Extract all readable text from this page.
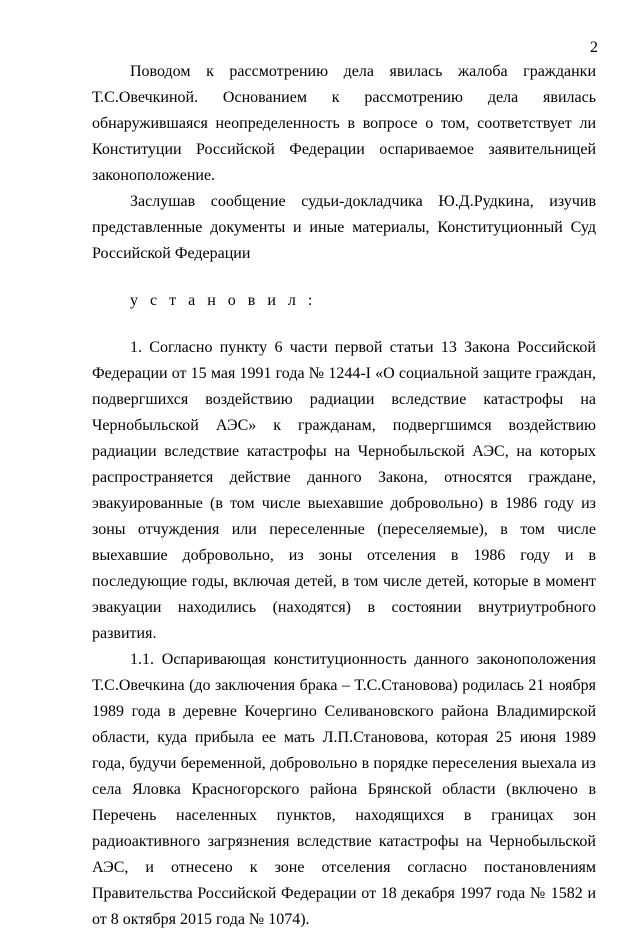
2

Поводом к рассмотрению дела явилась жалоба гражданки Т.С.Овечкиной. Основанием к рассмотрению дела явилась обнаружившаяся неопределенность в вопросе о том, соответствует ли Конституции Российской Федерации оспариваемое заявительницей законоположение.

Заслушав сообщение судьи-докладчика Ю.Д.Рудкина, изучив представленные документы и иные материалы, Конституционный Суд Российской Федерации

у с т а н о в и л :

1. Согласно пункту 6 части первой статьи 13 Закона Российской Федерации от 15 мая 1991 года № 1244-I «О социальной защите граждан, подвергшихся воздействию радиации вследствие катастрофы на Чернобыльской АЭС» к гражданам, подвергшимся воздействию радиации вследствие катастрофы на Чернобыльской АЭС, на которых распространяется действие данного Закона, относятся граждане, эвакуированные (в том числе выехавшие добровольно) в 1986 году из зоны отчуждения или переселенные (переселяемые), в том числе выехавшие добровольно, из зоны отселения в 1986 году и в последующие годы, включая детей, в том числе детей, которые в момент эвакуации находились (находятся) в состоянии внутриутробного развития.

1.1. Оспаривающая конституционность данного законоположения Т.С.Овечкина (до заключения брака – Т.С.Становова) родилась 21 ноября 1989 года в деревне Кочергино Селивановского района Владимирской области, куда прибыла ее мать Л.П.Становова, которая 25 июня 1989 года, будучи беременной, добровольно в порядке переселения выехала из села Яловка Красногорского района Брянской области (включено в Перечень населенных пунктов, находящихся в границах зон радиоактивного загрязнения вследствие катастрофы на Чернобыльской АЭС, и отнесено к зоне отселения согласно постановлениям Правительства Российской Федерации от 18 декабря 1997 года № 1582 и от 8 октября 2015 года № 1074).
